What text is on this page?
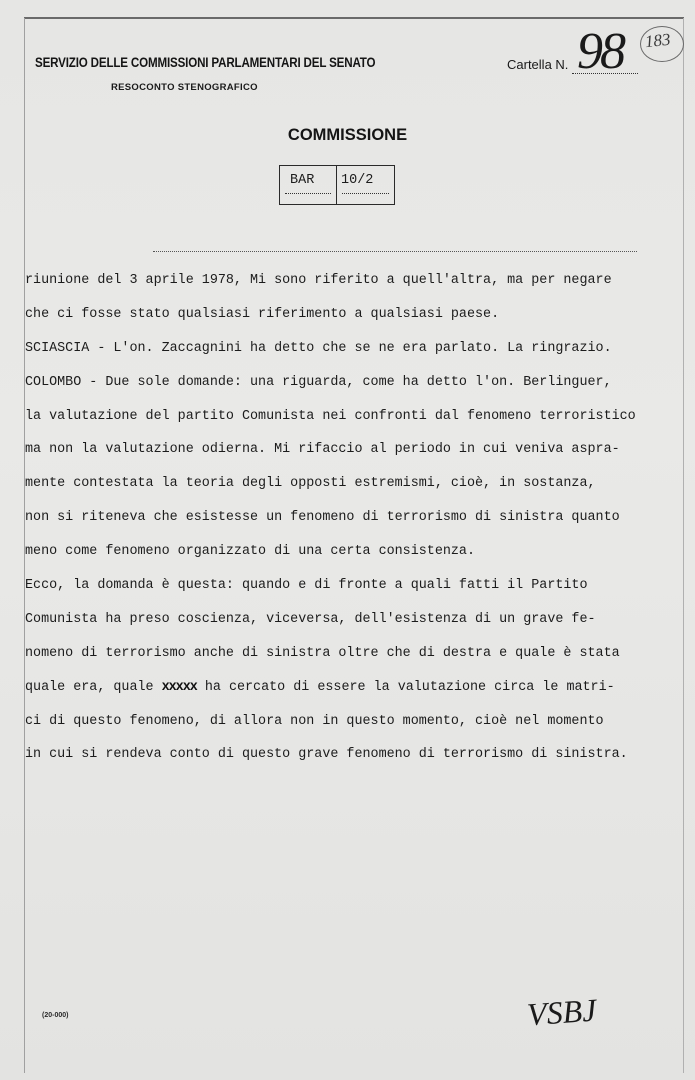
SERVIZIO DELLE COMMISSIONI PARLAMENTARI DEL SENATO
RESOCONTO STENOGRAFICO
Cartella N. 98 183
COMMISSIONE
BAR 10/2
riunione del 3 aprile 1978, Mi sono riferito a quell'altra, ma per negare
che ci fosse stato qualsiasi riferimento a qualsiasi paese.
SCIASCIA - L'on. Zaccagnini ha detto che se ne era parlato. La ringrazio.
COLOMBO - Due sole domande: una riguarda, come ha detto l'on. Berlinguer,
la valutazione del partito Comunista nei confronti dal fenomeno terroristico
ma non la valutazione odierna. Mi rifaccio al periodo in cui veniva aspra-
mente contestata la teoria degli opposti estremismi, cioè, in sostanza,
non si riteneva che esistesse un fenomeno di terrorismo di sinistra quanto
meno come fenomeno organizzato di una certa consistenza.
Ecco, la domanda è questa: quando e di fronte a quali fatti il Partito
Comunista ha preso coscienza, viceversa, dell'esistenza di un grave fe-
nomeno di terrorismo anche di sinistra oltre che di destra e quale è stata
quale era, quale xxxxx ha cercato di essere la valutazione circa le matri-
ci di questo fenomeno, di allora non in questo momento, cioè nel momento
in cui si rendeva conto di questo grave fenomeno di terrorismo di sinistra.
(20-000)	VSBJ
